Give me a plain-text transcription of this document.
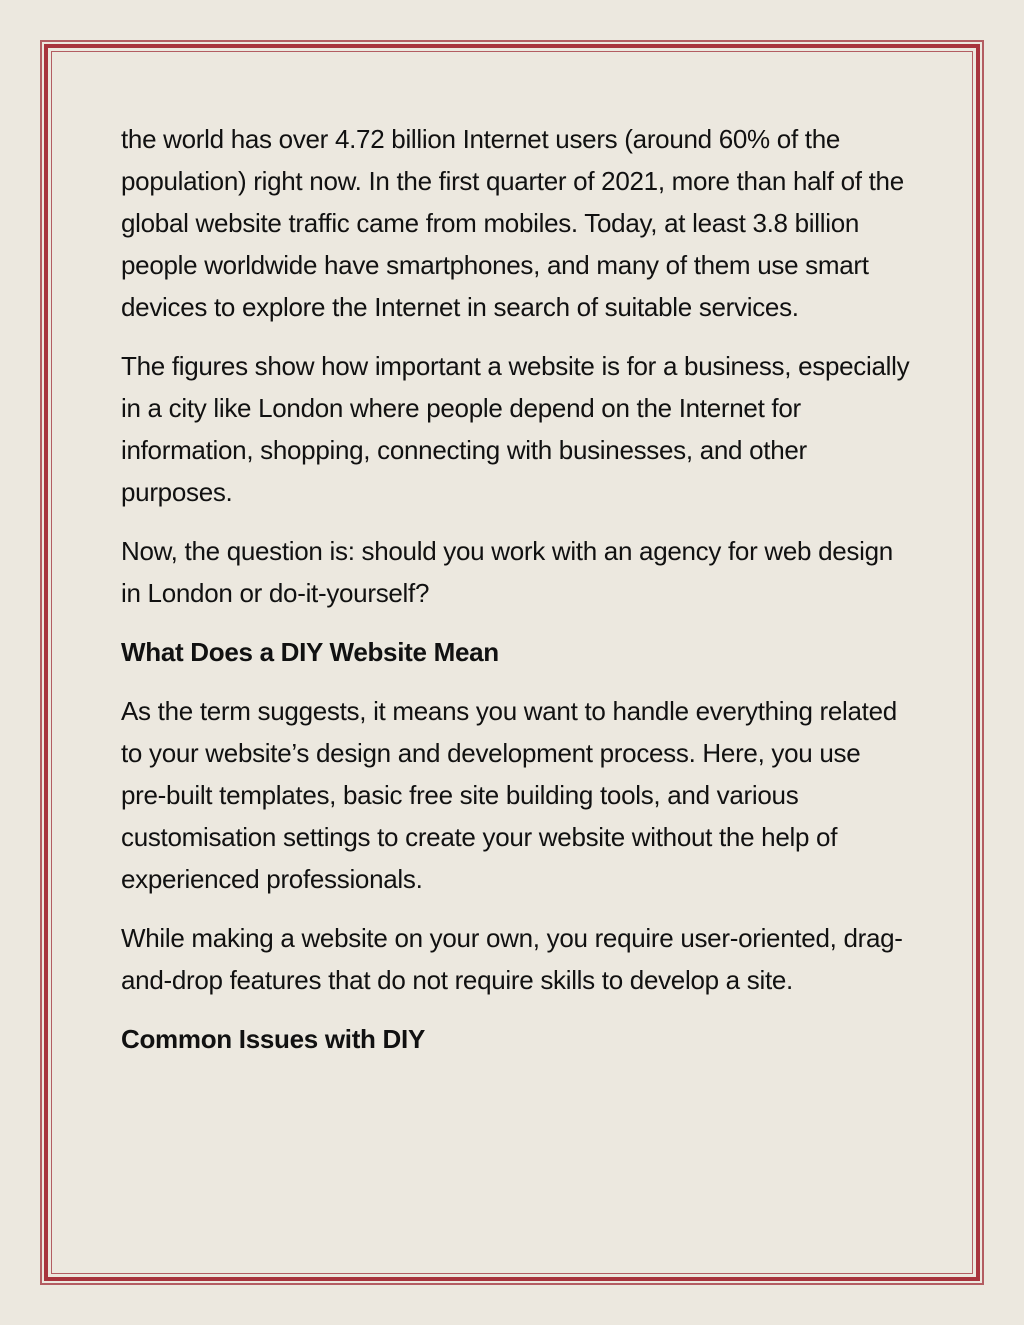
the world has over 4.72 billion Internet users (around 60% of the population) right now. In the first quarter of 2021, more than half of the global website traffic came from mobiles. Today, at least 3.8 billion people worldwide have smartphones, and many of them use smart devices to explore the Internet in search of suitable services.

The figures show how important a website is for a business, especially in a city like London where people depend on the Internet for information, shopping, connecting with businesses, and other purposes.

Now, the question is: should you work with an agency for web design in London or do-it-yourself?

What Does a DIY Website Mean

As the term suggests, it means you want to handle everything related to your website’s design and development process. Here, you use pre-built templates, basic free site building tools, and various customisation settings to create your website without the help of experienced professionals.

While making a website on your own, you require user-oriented, drag-and-drop features that do not require skills to develop a site.

Common Issues with DIY
